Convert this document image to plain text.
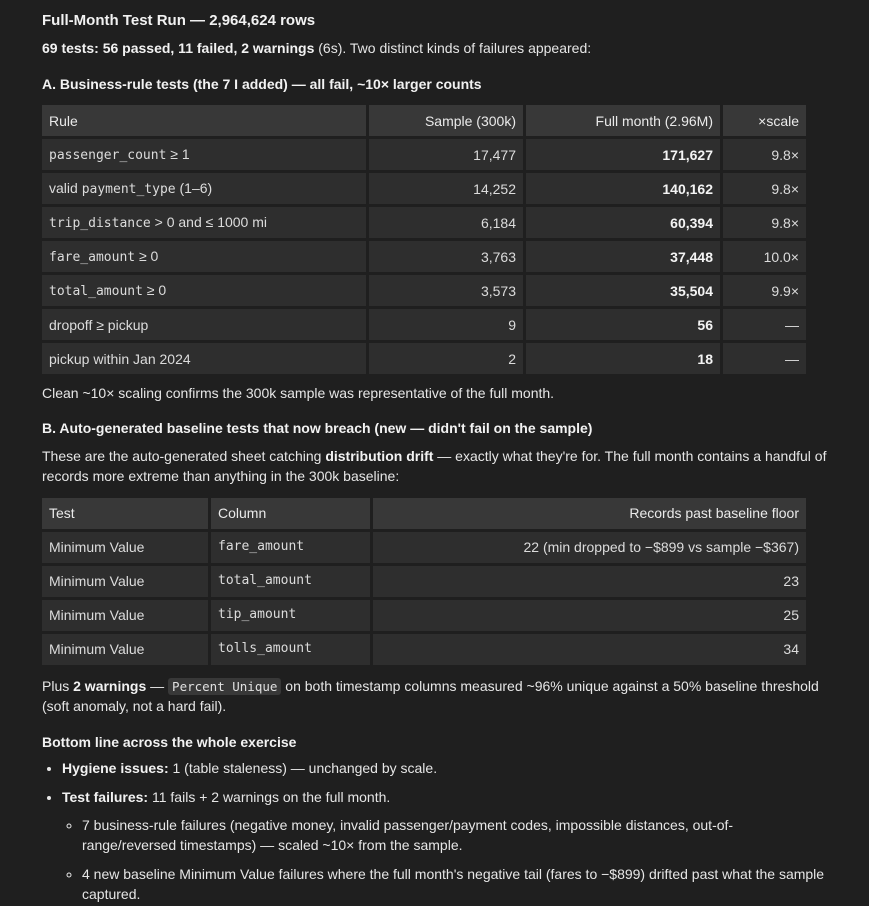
Full-Month Test Run — 2,964,624 rows

69 tests: 56 passed, 11 failed, 2 warnings (6s). Two distinct kinds of failures appeared:

A. Business-rule tests (the 7 I added) — all fail, ~10× larger counts
Rule	Sample (300k)	Full month (2.96M)	×scale
passenger_count ≥ 1	17,477	171,627	9.8×
valid payment_type (1–6)	14,252	140,162	9.8×
trip_distance > 0 and ≤ 1000 mi	6,184	60,394	9.8×
fare_amount ≥ 0	3,763	37,448	10.0×
total_amount ≥ 0	3,573	35,504	9.9×
dropoff ≥ pickup	9	56	—
pickup within Jan 2024	2	18	—

Clean ~10× scaling confirms the 300k sample was representative of the full month.

B. Auto-generated baseline tests that now breach (new — didn't fail on the sample)

These are the auto-generated sheet catching distribution drift — exactly what they're for. The full month contains a handful of records more extreme than anything in the 300k baseline:

Test	Column	Records past baseline floor
Minimum Value	fare_amount	22 (min dropped to −$899 vs sample −$367)
Minimum Value	total_amount	23
Minimum Value	tip_amount	25
Minimum Value	tolls_amount	34

Plus 2 warnings — Percent Unique on both timestamp columns measured ~96% unique against a 50% baseline threshold (soft anomaly, not a hard fail).

Bottom line across the whole exercise
• Hygiene issues: 1 (table staleness) — unchanged by scale.
• Test failures: 11 fails + 2 warnings on the full month.
◦ 7 business-rule failures (negative money, invalid passenger/payment codes, impossible distances, out-of-range/reversed timestamps) — scaled ~10× from the sample.
◦ 4 new baseline Minimum Value failures where the full month's negative tail (fares to −$899) drifted past what the sample captured.
